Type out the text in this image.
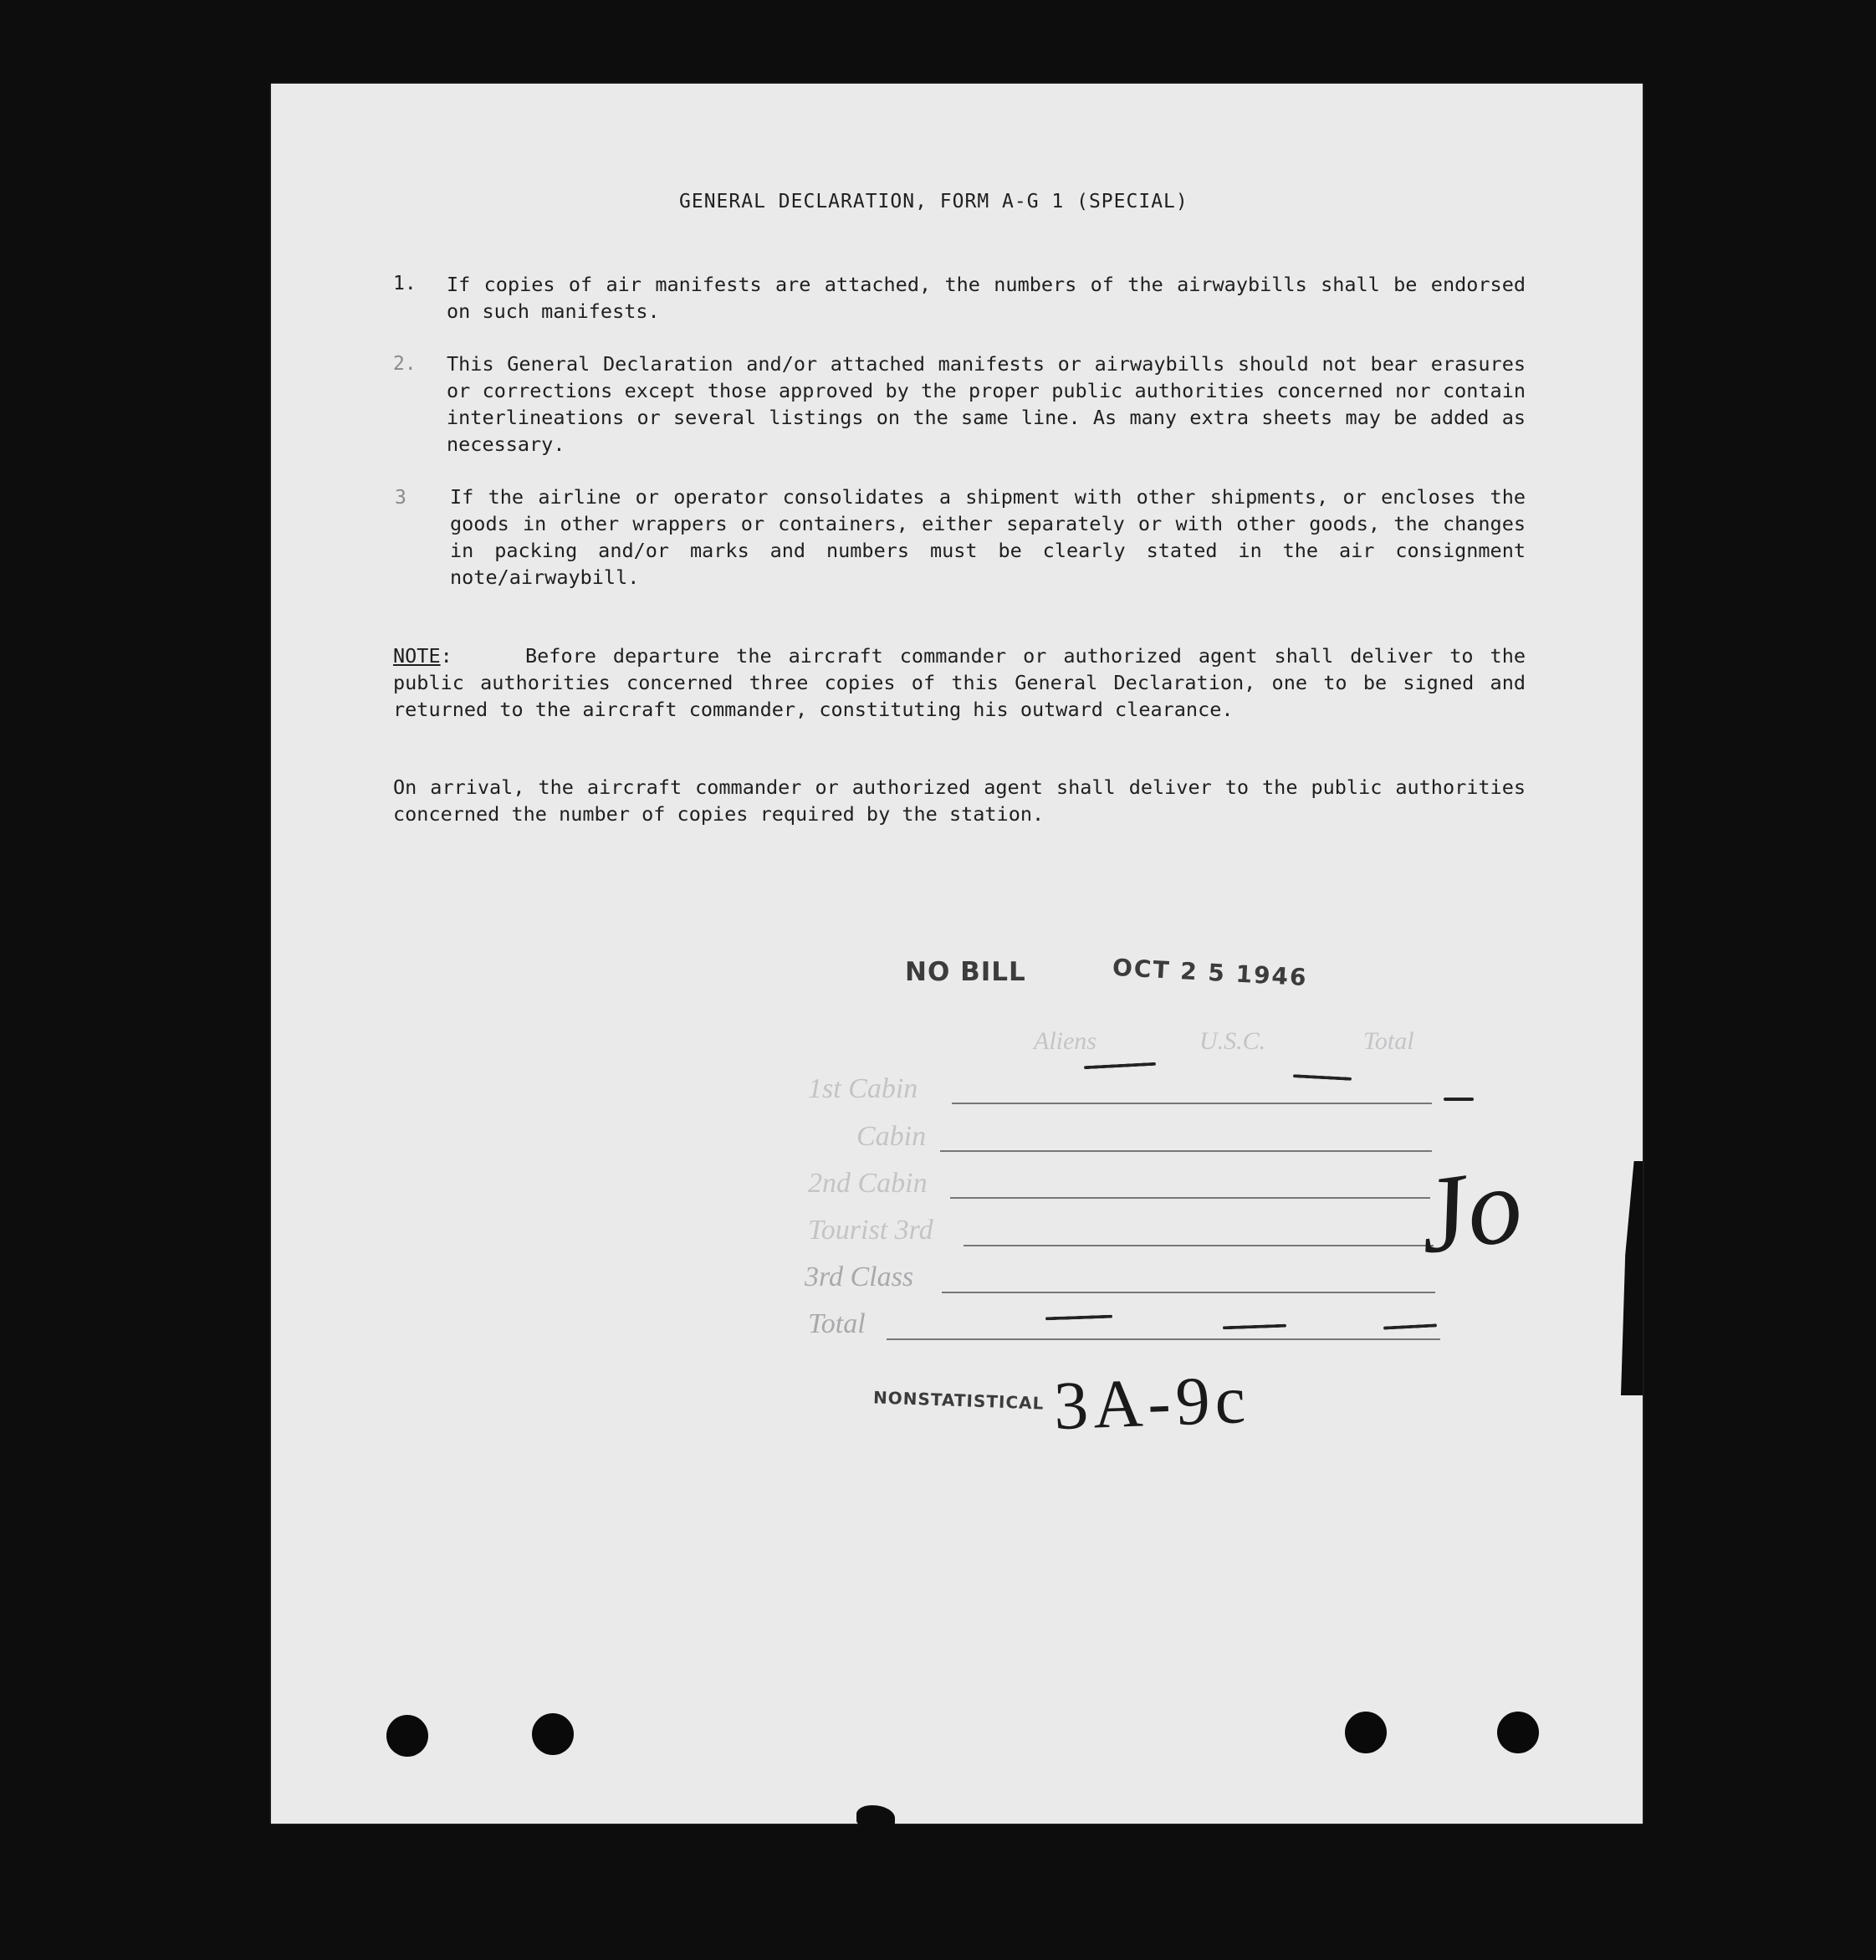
GENERAL DECLARATION, FORM A-G 1 (SPECIAL)
1. If copies of air manifests are attached, the numbers of the airwaybills shall be endorsed on such manifests.
2. This General Declaration and/or attached manifests or airwaybills should not bear erasures or corrections except those approved by the proper public authorities concerned nor contain interlineations or several listings on the same line. As many extra sheets may be added as necessary.
3 If the airline or operator consolidates a shipment with other shipments, or encloses the goods in other wrappers or containers, either separately or with other goods, the changes in packing and/or marks and numbers must be clearly stated in the air consignment note/airwaybill.
NOTE:	Before departure the aircraft commander or authorized agent shall deliver to the public authorities concerned three copies of this General Declaration, one to be signed and returned to the aircraft commander, constituting his outward clearance.
On arrival, the aircraft commander or authorized agent shall deliver to the public authorities concerned the number of copies required by the station.
NO BILL	OCT 2 5 1946
Aliens	U.S.C.	Total
1st Cabin
Cabin
2nd Cabin
Tourist 3rd
3rd Class
Total
Jo
NONSTATISTICAL 3A-9c
